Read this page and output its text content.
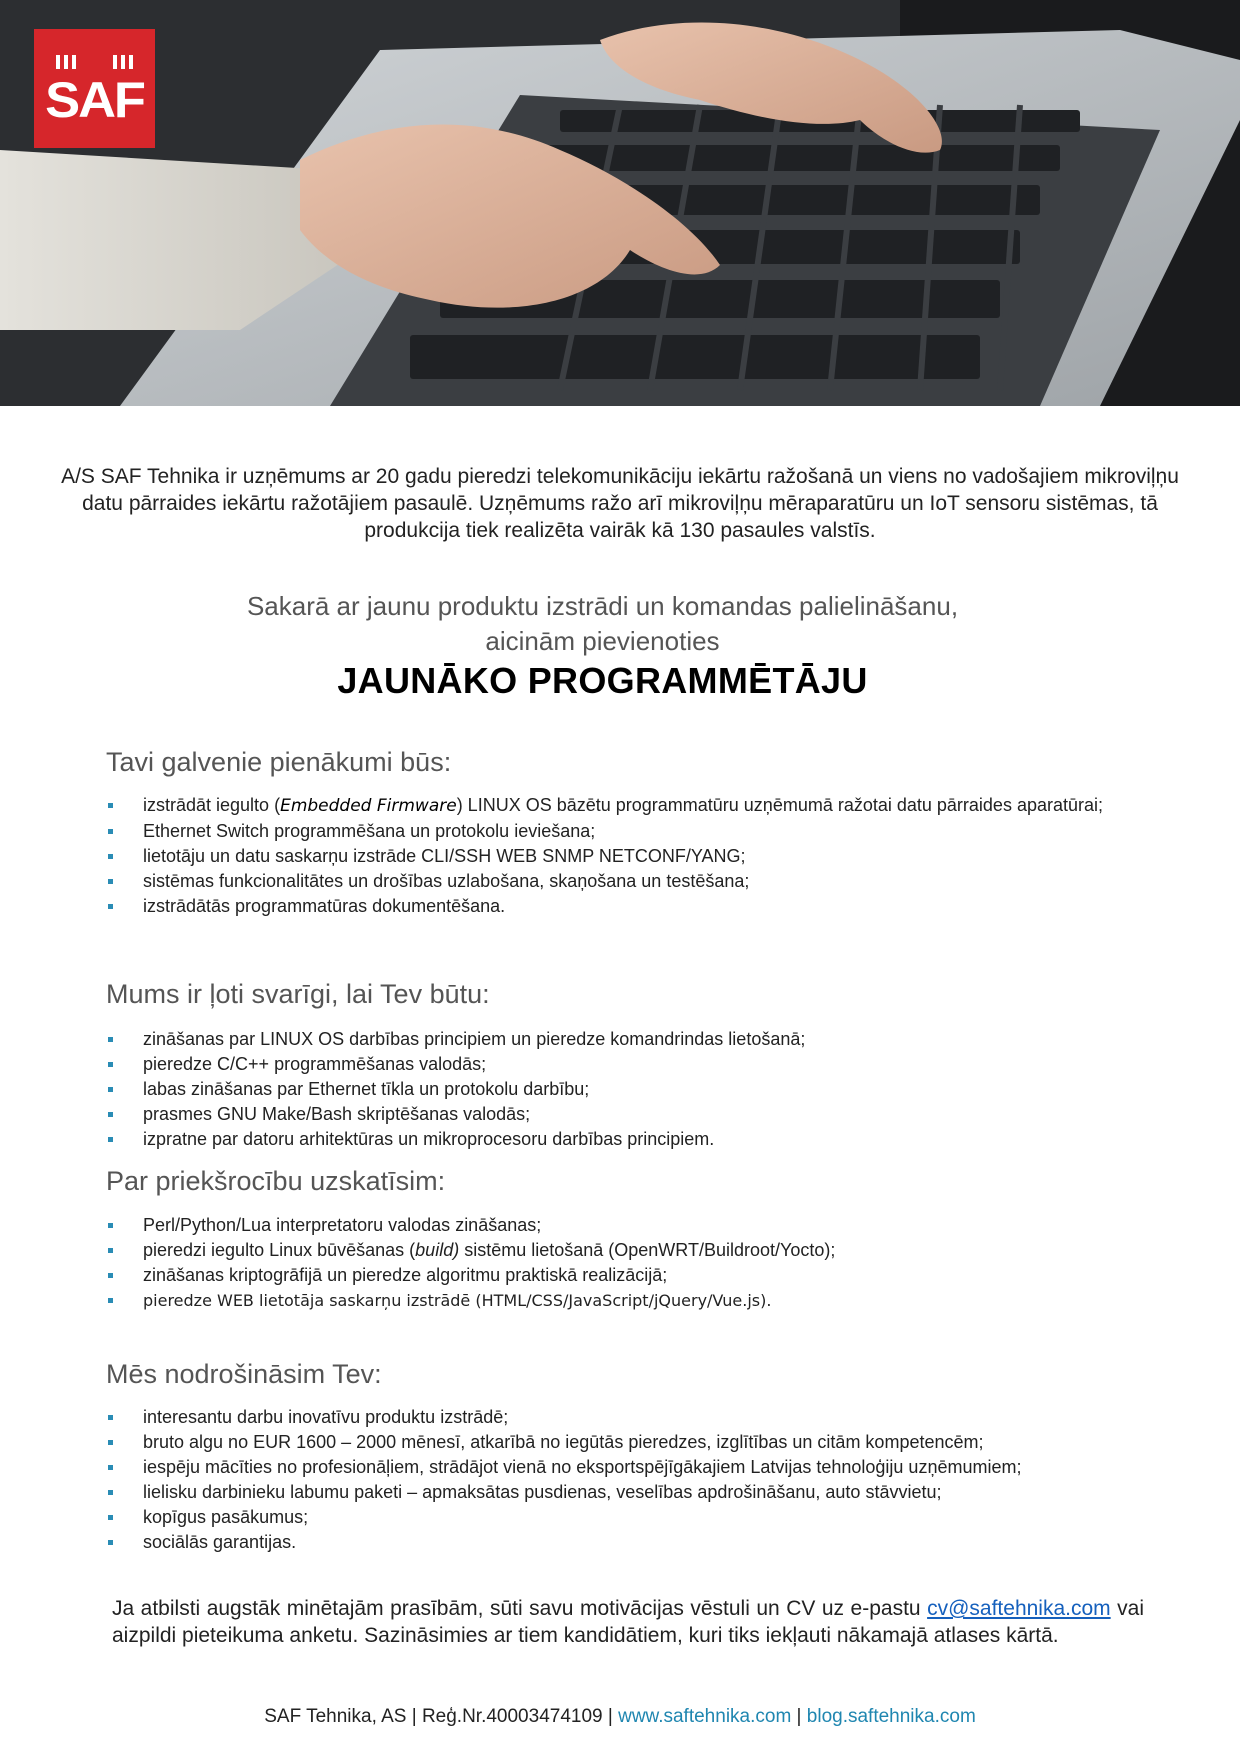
SAF

A/S SAF Tehnika ir uzņēmums ar 20 gadu pieredzi telekomunikāciju iekārtu ražošanā un viens no vadošajiem mikroviļņu datu pārraides iekārtu ražotājiem pasaulē. Uzņēmums ražo arī mikroviļņu mēraparatūru un IoT sensoru sistēmas, tā produkcija tiek realizēta vairāk kā 130 pasaules valstīs.

Sakarā ar jaunu produktu izstrādi un komandas palielināšanu,
aicinām pievienoties
JAUNĀKO PROGRAMMĒTĀJU
Tavi galvenie pienākumi būs:
izstrādāt iegulto (Embedded Firmware) LINUX OS bāzētu programmatūru uzņēmumā ražotai datu pārraides aparatūrai;
Ethernet Switch programmēšana un protokolu ieviešana;
lietotāju un datu saskarņu izstrāde CLI/SSH WEB SNMP NETCONF/YANG;
sistēmas funkcionalitātes un drošības uzlabošana, skaņošana un testēšana;
izstrādātās programmatūras dokumentēšana.
Mums ir ļoti svarīgi, lai Tev būtu:
zināšanas par LINUX OS darbības principiem un pieredze komandrindas lietošanā;
pieredze C/C++ programmēšanas valodās;
labas zināšanas par Ethernet tīkla un protokolu darbību;
prasmes GNU Make/Bash skriptēšanas valodās;
izpratne par datoru arhitektūras un mikroprocesoru darbības principiem.
Par priekšrocību uzskatīsim:
Perl/Python/Lua interpretatoru valodas zināšanas;
pieredzi iegulto Linux būvēšanas (build) sistēmu lietošanā (OpenWRT/Buildroot/Yocto);
zināšanas kriptogrāfijā un pieredze algoritmu praktiskā realizācijā;
pieredze WEB lietotāja saskarņu izstrādē (HTML/CSS/JavaScript/jQuery/Vue.js).
Mēs nodrošināsim Tev:
interesantu darbu inovatīvu produktu izstrādē;
bruto algu no EUR 1600 – 2000 mēnesī, atkarībā no iegūtās pieredzes, izglītības un citām kompetencēm;
iespēju mācīties no profesionāļiem, strādājot vienā no eksportspējīgākajiem Latvijas tehnoloģiju uzņēmumiem;
lielisku darbinieku labumu paketi – apmaksātas pusdienas, veselības apdrošināšanu, auto stāvvietu;
kopīgus pasākumus;
sociālās garantijas.

Ja atbilsti augstāk minētajām prasībām, sūti savu motivācijas vēstuli un CV uz e-pastu cv@saftehnika.com vai aizpildi pieteikuma anketu. Sazināsimies ar tiem kandidātiem, kuri tiks iekļauti nākamajā atlases kārtā.

SAF Tehnika, AS | Reģ.Nr.40003474109 | www.saftehnika.com | blog.saftehnika.com
